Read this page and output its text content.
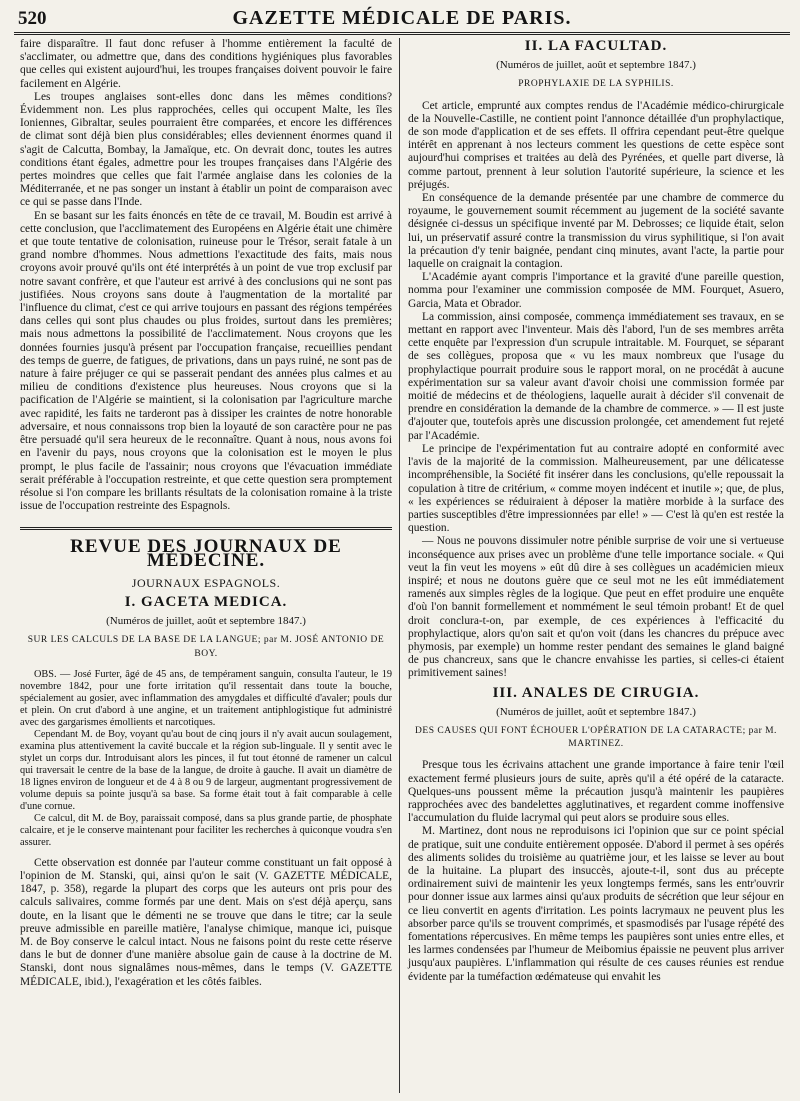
520	GAZETTE MÉDICALE DE PARIS.

faire disparaître. Il faut donc refuser à l'homme entièrement la faculté de s'acclimater, ou admettre que, dans des conditions hygiéniques plus favorables que celles qui existent aujourd'hui, les troupes françaises doivent pouvoir le faire facilement en Algérie.

Les troupes anglaises sont-elles donc dans les mêmes conditions? Évidemment non. Les plus rapprochées, celles qui occupent Malte, les îles Ioniennes, Gibraltar, seules pourraient être comparées, et encore les différences de climat sont déjà bien plus considérables; elles deviennent énormes quand il s'agit de Calcutta, Bombay, la Jamaïque, etc. On devrait donc, toutes les autres conditions étant égales, admettre pour les troupes françaises dans l'Algérie des pertes moindres que celles que fait l'armée anglaise dans les colonies de la Méditerranée, et ne pas songer un instant à établir un point de comparaison avec ce qui se passe dans l'Inde.

En se basant sur les faits énoncés en tête de ce travail, M. Boudin est arrivé à cette conclusion, que l'acclimatement des Européens en Algérie était une chimère et que toute tentative de colonisation, ruineuse pour le Trésor, serait fatale à un grand nombre d'hommes. Nous admettions l'exactitude des faits, mais nous croyons avoir prouvé qu'ils ont été interprétés à un point de vue trop exclusif par notre savant confrère, et que l'auteur est arrivé à des conclusions qui ne sont pas justifiées. Nous croyons sans doute à l'augmentation de la mortalité par l'influence du climat, c'est ce qui arrive toujours en passant des régions tempérées dans celles qui sont plus chaudes ou plus froides, surtout dans les premières; mais nous admettons la possibilité de l'acclimatement. Nous croyons que les données fournies jusqu'à présent par l'occupation française, recueillies pendant des temps de guerre, de fatigues, de privations, dans un pays ruiné, ne sont pas de nature à faire préjuger ce qui se passerait pendant des années plus calmes et au milieu de conditions d'existence plus heureuses. Nous croyons que si la pacification de l'Algérie se maintient, si la colonisation par l'agriculture marche avec rapidité, les faits ne tarderont pas à dissiper les craintes de notre honorable adversaire, et nous connaissons trop bien la loyauté de son caractère pour ne pas être persuadé qu'il sera heureux de le reconnaître. Quant à nous, nous avons foi en l'avenir du pays, nous croyons que la colonisation est le moyen le plus prompt, le plus facile de l'assainir; nous croyons que l'évacuation immédiate serait préférable à l'occupation restreinte, et que cette question sera promptement résolue si l'on compare les brillants résultats de la colonisation romaine à la triste issue de l'occupation restreinte des Espagnols.

REVUE DES JOURNAUX DE MÉDECINE.
JOURNAUX ESPAGNOLS.
I. GACETA MEDICA.
(Numéros de juillet, août et septembre 1847.)
SUR LES CALCULS DE LA BASE DE LA LANGUE; par M. JOSÉ ANTONIO DE BOY.

OBS. — José Furter, âgé de 45 ans, de tempérament sanguin, consulta l'auteur, le 19 novembre 1842, pour une forte irritation qu'il ressentait dans toute la bouche, spécialement au gosier, avec inflammation des amygdales et difficulté d'avaler; pouls dur et plein. On crut d'abord à une angine, et un traitement antiphlogistique fut administré avec des gargarismes émollients et narcotiques.

Cependant M. de Boy, voyant qu'au bout de cinq jours il n'y avait aucun soulagement, examina plus attentivement la cavité buccale et la région sub-linguale. Il y sentit avec le stylet un corps dur. Introduisant alors les pinces, il fut tout étonné de ramener un calcul qui traversait le centre de la base de la langue, de droite à gauche. Il avait un diamètre de 18 lignes environ de longueur et de 4 à 8 ou 9 de largeur, augmentant progressivement de volume depuis sa pointe jusqu'à sa base. Sa forme était tout à fait comparable à celle d'une cornue.

Ce calcul, dit M. de Boy, paraissait composé, dans sa plus grande partie, de phosphate calcaire, et je le conserve maintenant pour faciliter les recherches à quiconque voudra s'en assurer.

Cette observation est donnée par l'auteur comme constituant un fait opposé à l'opinion de M. Stanski, qui, ainsi qu'on le sait (V. GAZETTE MÉDICALE, 1847, p. 358), regarde la plupart des corps que les auteurs ont pris pour des calculs salivaires, comme formés par une dent. Mais on s'est déjà aperçu, sans doute, en la lisant que le démenti ne se trouve que dans le titre; car la seule preuve admissible en pareille matière, l'analyse chimique, manque ici, puisque M. de Boy conserve le calcul intact. Nous ne faisons point du reste cette réserve dans le but de donner d'une manière absolue gain de cause à la doctrine de M. Stanski, dont nous signalâmes nous-mêmes, dans le temps (V. GAZETTE MÉDICALE, ibid.), l'exagération et les côtés faibles.

II. LA FACULTAD.
(Numéros de juillet, août et septembre 1847.)
PROPHYLAXIE DE LA SYPHILIS.

Cet article, emprunté aux comptes rendus de l'Académie médico-chirurgicale de la Nouvelle-Castille, ne contient point l'annonce détaillée d'un prophylactique, de son mode d'application et de ses effets. Il offrira cependant peut-être quelque intérêt en apprenant à nos lecteurs comment les questions de cette espèce sont aujourd'hui comprises et traitées au delà des Pyrénées, et quelle part diverse, là comme partout, prennent à leur solution l'autorité supérieure, la science et les préjugés.

En conséquence de la demande présentée par une chambre de commerce du royaume, le gouvernement soumit récemment au jugement de la société savante désignée ci-dessus un spécifique inventé par M. Debrosses; ce liquide était, selon lui, un préservatif assuré contre la transmission du virus syphilitique, si l'on avait la précaution d'y tenir baignée, pendant cinq minutes, avant l'acte, la partie pour laquelle on craignait la contagion.

L'Académie ayant compris l'importance et la gravité d'une pareille question, nomma pour l'examiner une commission composée de MM. Fourquet, Asuero, Garcia, Mata et Obrador.

La commission, ainsi composée, commença immédiatement ses travaux, en se mettant en rapport avec l'inventeur. Mais dès l'abord, l'un de ses membres arrêta cette enquête par l'expression d'un scrupule intraitable. M. Fourquet, se séparant de ses collègues, proposa que « vu les maux nombreux que l'usage du prophylactique pourrait produire sous le rapport moral, on ne procédât à aucune expérimentation sur sa valeur avant d'avoir choisi une commission formée par moitié de médecins et de théologiens, laquelle aurait à décider s'il convenait de prendre en considération la demande de la chambre de commerce. » — Il est juste d'ajouter que, toutefois après une discussion prolongée, cet amendement fut rejeté par l'Académie.

Le principe de l'expérimentation fut au contraire adopté en conformité avec l'avis de la majorité de la commission. Malheureusement, par une délicatesse incompréhensible, la Société fit insérer dans les conclusions, qu'elle repoussait la copulation à titre de critérium, « comme moyen indécent et inutile »; que, de plus, « les expériences se réduiraient à déposer la matière morbide à la surface des parties susceptibles d'être impressionnées par elle! » — C'est là qu'en est restée la question.

— Nous ne pouvons dissimuler notre pénible surprise de voir une si vertueuse inconséquence aux prises avec un problème d'une telle importance sociale. « Qui veut la fin veut les moyens » eût dû dire à ses collègues un académicien mieux inspiré; et nous ne doutons guère que ce seul mot ne les eût immédiatement ramenés aux simples règles de la logique. Que peut en effet produire une enquête d'où l'on bannit formellement et nommément le seul témoin probant! Et de quel droit conclura-t-on, par exemple, de ces expériences à l'efficacité du prophylactique, alors qu'on sait et qu'on voit (dans les chancres du prépuce avec phymosis, par exemple) un homme rester pendant des semaines le gland baigné de pus chancreux, sans que le chancre envahisse les parties, si celles-ci étaient primitivement saines!

III. ANALES DE CIRUGIA.
(Numéros de juillet, août et septembre 1847.)
DES CAUSES QUI FONT ÉCHOUER L'OPÉRATION DE LA CATARACTE; par M. MARTINEZ.

Presque tous les écrivains attachent une grande importance à faire tenir l'œil exactement fermé plusieurs jours de suite, après qu'il a été opéré de la cataracte. Quelques-uns poussent même la précaution jusqu'à maintenir les paupières rapprochées avec des bandelettes agglutinatives, et regardent comme inoffensive l'accumulation du fluide lacrymal qui peut alors se produire sous elles.

M. Martinez, dont nous ne reproduisons ici l'opinion que sur ce point spécial de pratique, suit une conduite entièrement opposée. D'abord il permet à ses opérés des aliments solides du troisième au quatrième jour, et les laisse se lever au bout de la huitaine. La plupart des insuccès, ajoute-t-il, sont dus au précepte ordinairement suivi de maintenir les yeux longtemps fermés, sans les entr'ouvrir pour donner issue aux larmes ainsi qu'aux produits de sécrétion que leur séjour en ce lieu convertit en agents d'irritation. Les points lacrymaux ne peuvent plus les absorber parce qu'ils se trouvent comprimés, et spasmodisés par l'usage répété des fomentations répercusives. En même temps les paupières sont unies entre elles, et les larmes condensées par l'humeur de Meibomius épaissie ne peuvent plus arriver jusqu'aux paupières. L'inflammation qui résulte de ces causes réunies est rendue évidente par la tuméfaction œdémateuse qui envahit les
